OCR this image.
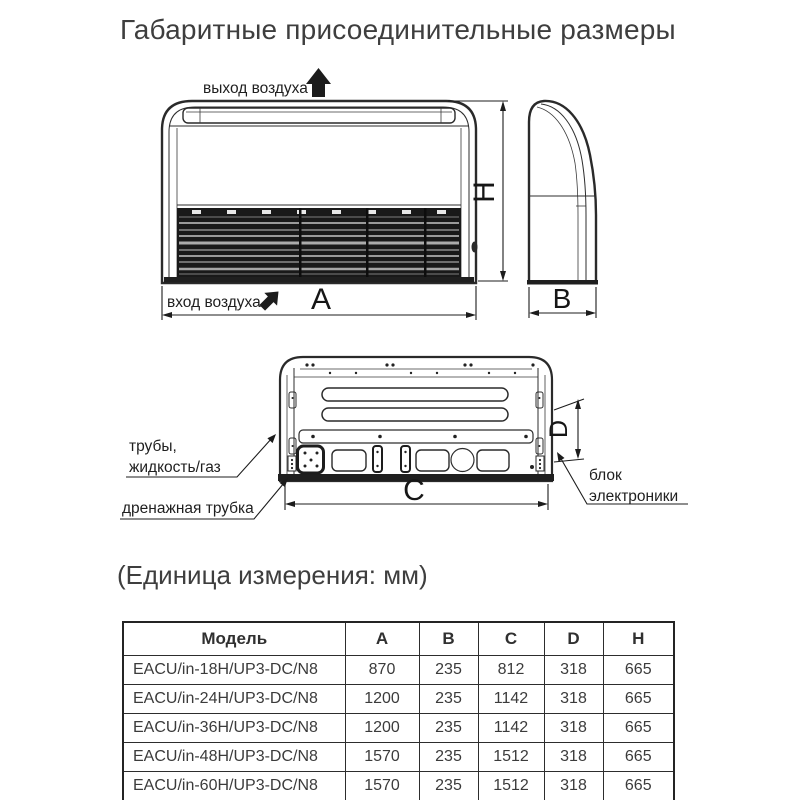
Габаритные присоединительные размеры
выход воздуха
вход воздуха A
H
B
C
D
трубы,
жидкость/газ
дренажная трубка
блок
электроники
(Единица измерения: мм)
Модель	A	B	C	D	H
EACU/in-18H/UP3-DC/N8	870	235	812	318	665
EACU/in-24H/UP3-DC/N8	1200	235	1142	318	665
EACU/in-36H/UP3-DC/N8	1200	235	1142	318	665
EACU/in-48H/UP3-DC/N8	1570	235	1512	318	665
EACU/in-60H/UP3-DC/N8	1570	235	1512	318	665
